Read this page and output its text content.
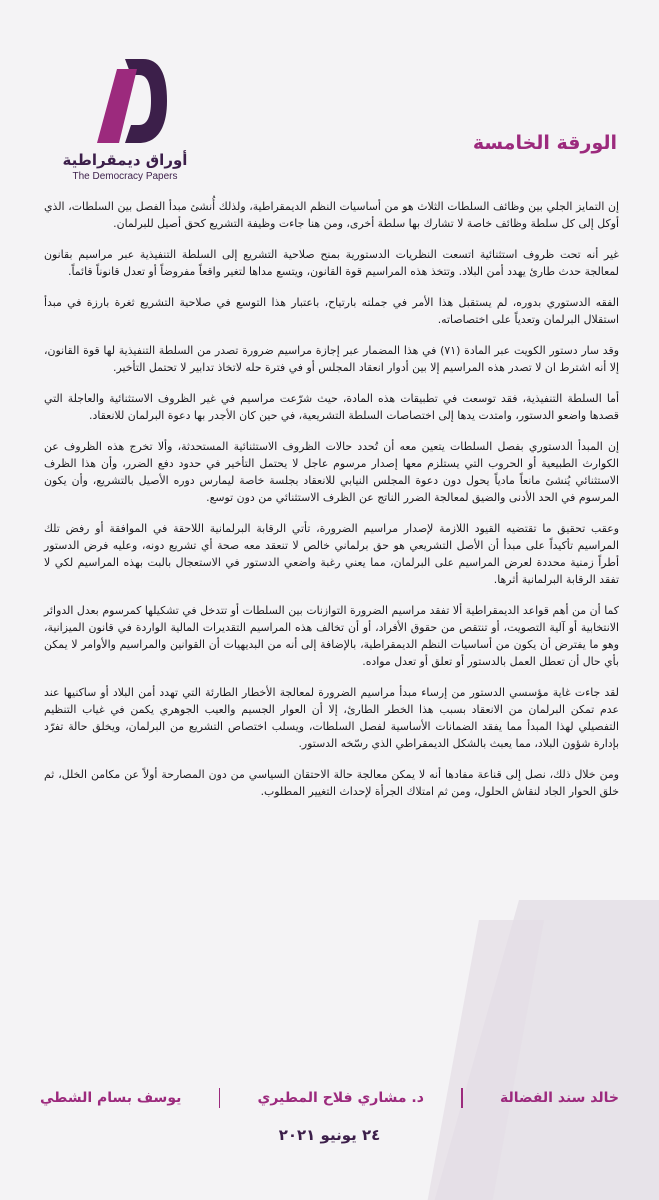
أوراق ديمقراطية
The Democracy Papers
الورقة الخامسة

إن التمايز الجلي بين وظائف السلطات الثلاث هو من أساسيات النظم الديمقراطية، ولذلك أُنشئ مبدأ الفصل بين السلطات، الذي أوكل إلى كل سلطة وظائف خاصة لا تشارك بها سلطة أخرى، ومن هنا جاءت وظيفة التشريع كحق أصيل للبرلمان.

غير أنه تحت ظروف استثنائية اتسعت النظريات الدستورية بمنح صلاحية التشريع إلى السلطة التنفيذية عبر مراسيم بقانون لمعالجة حدث طارئ يهدد أمن البلاد. وتتخذ هذه المراسيم قوة القانون، ويتسع مداها لتغير واقعاً مفروضاً أو تعدل قانوناً قائماً.

الفقه الدستوري بدوره، لم يستقبل هذا الأمر في جملته بارتياح، باعتبار هذا التوسع في صلاحية التشريع ثغرة بارزة في مبدأ استقلال البرلمان وتعدياً على اختصاصاته.

وقد سار دستور الكويت عبر المادة (٧١) في هذا المضمار عبر إجازة مراسيم ضرورة تصدر من السلطة التنفيذية لها قوة القانون، إلا أنه اشترط ان لا تصدر هذه المراسيم إلا بين أدوار انعقاد المجلس أو في فترة حله لاتخاذ تدابير لا تحتمل التأخير.

أما السلطة التنفيذية، فقد توسعت في تطبيقات هذه المادة، حيث شرّعت مراسيم في غير الظروف الاستثنائية والعاجلة التي قصدها واضعو الدستور، وامتدت يدها إلى اختصاصات السلطة التشريعية، في حين كان الأجدر بها دعوة البرلمان للانعقاد.

إن المبدأ الدستوري بفصل السلطات يتعين معه أن تُحدد حالات الظروف الاستثنائية المستحدثة، وألا تخرج هذه الظروف عن الكوارث الطبيعية أو الحروب التي يستلزم معها إصدار مرسوم عاجل لا يحتمل التأخير في حدود دفع الضرر، وأن هذا الظرف الاستثنائي يُنشئ مانعاً مادياً يحول دون دعوة المجلس النيابي للانعقاد بجلسة خاصة ليمارس دوره الأصيل بالتشريع، وأن يكون المرسوم في الحد الأدنى والضيق لمعالجة الضرر الناتج عن الظرف الاستثنائي من دون توسع.

وعقب تحقيق ما تقتضيه القيود اللازمة لإصدار مراسيم الضرورة، تأتي الرقابة البرلمانية اللاحقة في الموافقة أو رفض تلك المراسيم تأكيداً على مبدأ أن الأصل التشريعي هو حق برلماني خالص لا تنعقد معه صحة أي تشريع دونه، وعليه فرض الدستور أطراً زمنية محددة لعرض المراسيم على البرلمان، مما يعني رغبة واضعي الدستور في الاستعجال بالبت بهذه المراسيم لكي لا تفقد الرقابة البرلمانية أثرها.

كما أن من أهم قواعد الديمقراطية ألا تفقد مراسيم الضرورة التوازنات بين السلطات أو تتدخل في تشكيلها كمرسوم بعدل الدوائر الانتخابية أو آلية التصويت، أو تنتقص من حقوق الأفراد، أو أن تخالف هذه المراسيم التقديرات المالية الواردة في قانون الميزانية، وهو ما يفترض أن يكون من أساسيات النظم الديمقراطية، بالإضافة إلى أنه من البديهيات أن القوانين والمراسيم والأوامر لا يمكن بأي حال أن تعطل العمل بالدستور أو تعلق أو تعدل مواده.

لقد جاءت غاية مؤسسي الدستور من إرساء مبدأ مراسيم الضرورة لمعالجة الأخطار الطارئة التي تهدد أمن البلاد أو ساكنيها عند عدم تمكن البرلمان من الانعقاد بسبب هذا الخطر الطارئ، إلا أن العوار الجسيم والعيب الجوهري يكمن في غياب التنظيم التفصيلي لهذا المبدأ مما يفقد الضمانات الأساسية لفصل السلطات، ويسلب اختصاص التشريع من البرلمان، ويخلق حالة تفرّد بإدارة شؤون البلاد، مما يعبث بالشكل الديمقراطي الذي رسّخه الدستور.

ومن خلال ذلك، نصل إلى قناعة مفادها أنه لا يمكن معالجة حالة الاحتقان السياسي من دون المصارحة أولاً عن مكامن الخلل، ثم خلق الحوار الجاد لنقاش الحلول، ومن ثم امتلاك الجرأة لإحداث التغيير المطلوب.

خالد سند الفضالة
د. مشاري فلاح المطيري
يوسف بسام الشطي
٢٤ يونيو ٢٠٢١
